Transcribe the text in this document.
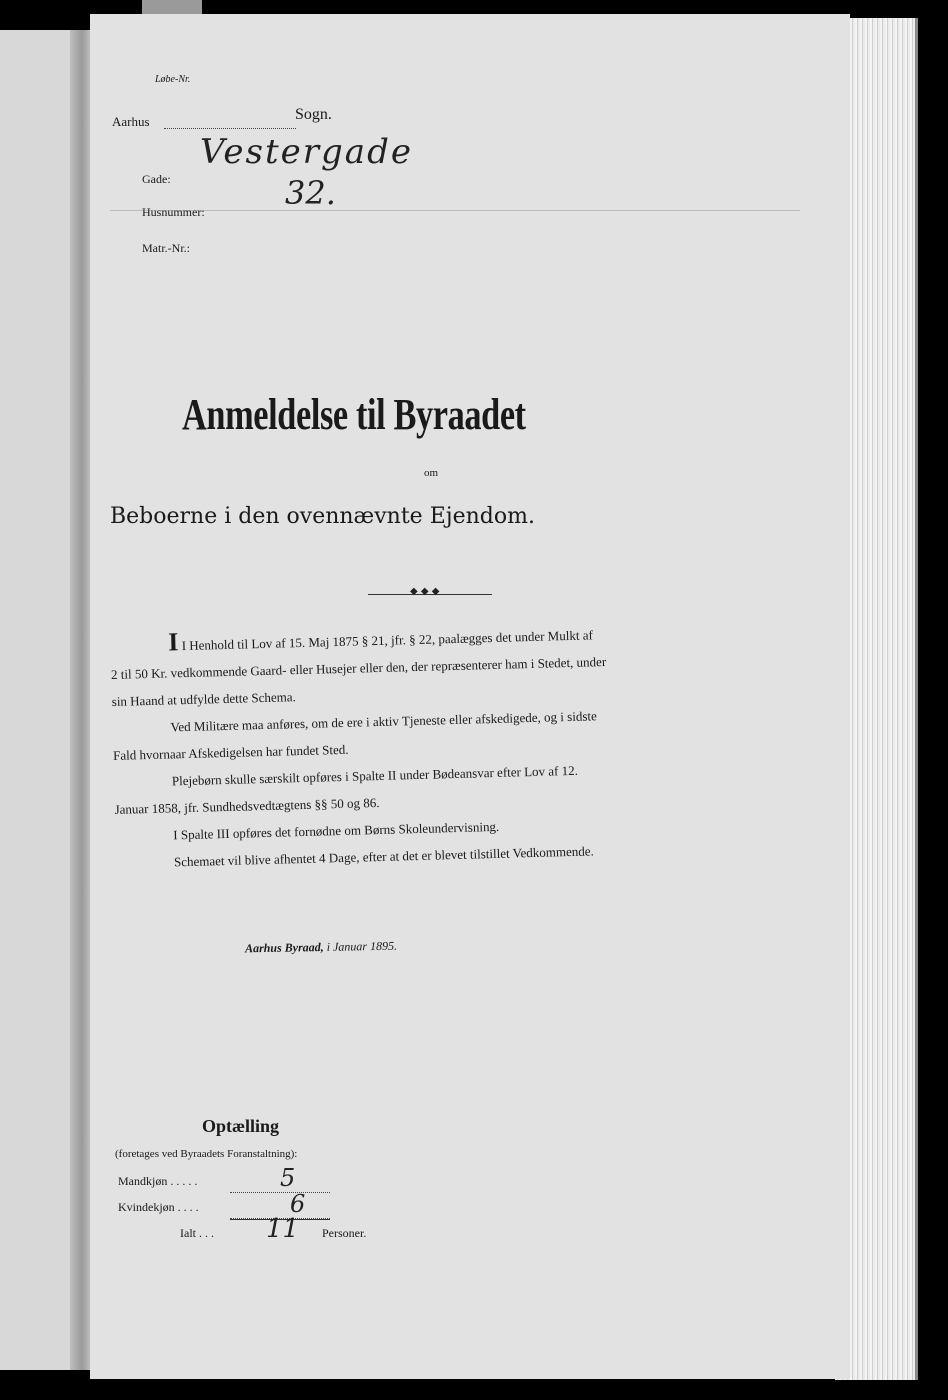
Løbe-Nr.
Aarhus	Sogn.
Gade:
Vestergade
Husnummer:	32.
Matr.-Nr.:
Anmeldelse til Byraadet
om
Beboerne i den ovennævnte Ejendom.
◆ ◆ ◆
I I Henhold til Lov af 15. Maj 1875 § 21, jfr. § 22, paalægges det under Mulkt af
2 til 50 Kr. vedkommende Gaard- eller Husejer eller den, der repræsenterer ham i Stedet, under
sin Haand at udfylde dette Schema.
Ved Militære maa anføres, om de ere i aktiv Tjeneste eller afskedigede, og i sidste
Fald hvornaar Afskedigelsen har fundet Sted.
Plejebørn skulle særskilt opføres i Spalte II under Bødeansvar efter Lov af 12.
Januar 1858, jfr. Sundhedsvedtægtens §§ 50 og 86.
I Spalte III opføres det fornødne om Børns Skoleundervisning.
Schemaet vil blive afhentet 4 Dage, efter at det er blevet tilstillet Vedkommende.
Aarhus Byraad, i Januar 1895.
Optælling
(foretages ved Byraadets Foranstaltning):
Mandkjøn . . . . .	5
Kvindekjøn . . . .	6
Ialt . . . 11 Personer.
